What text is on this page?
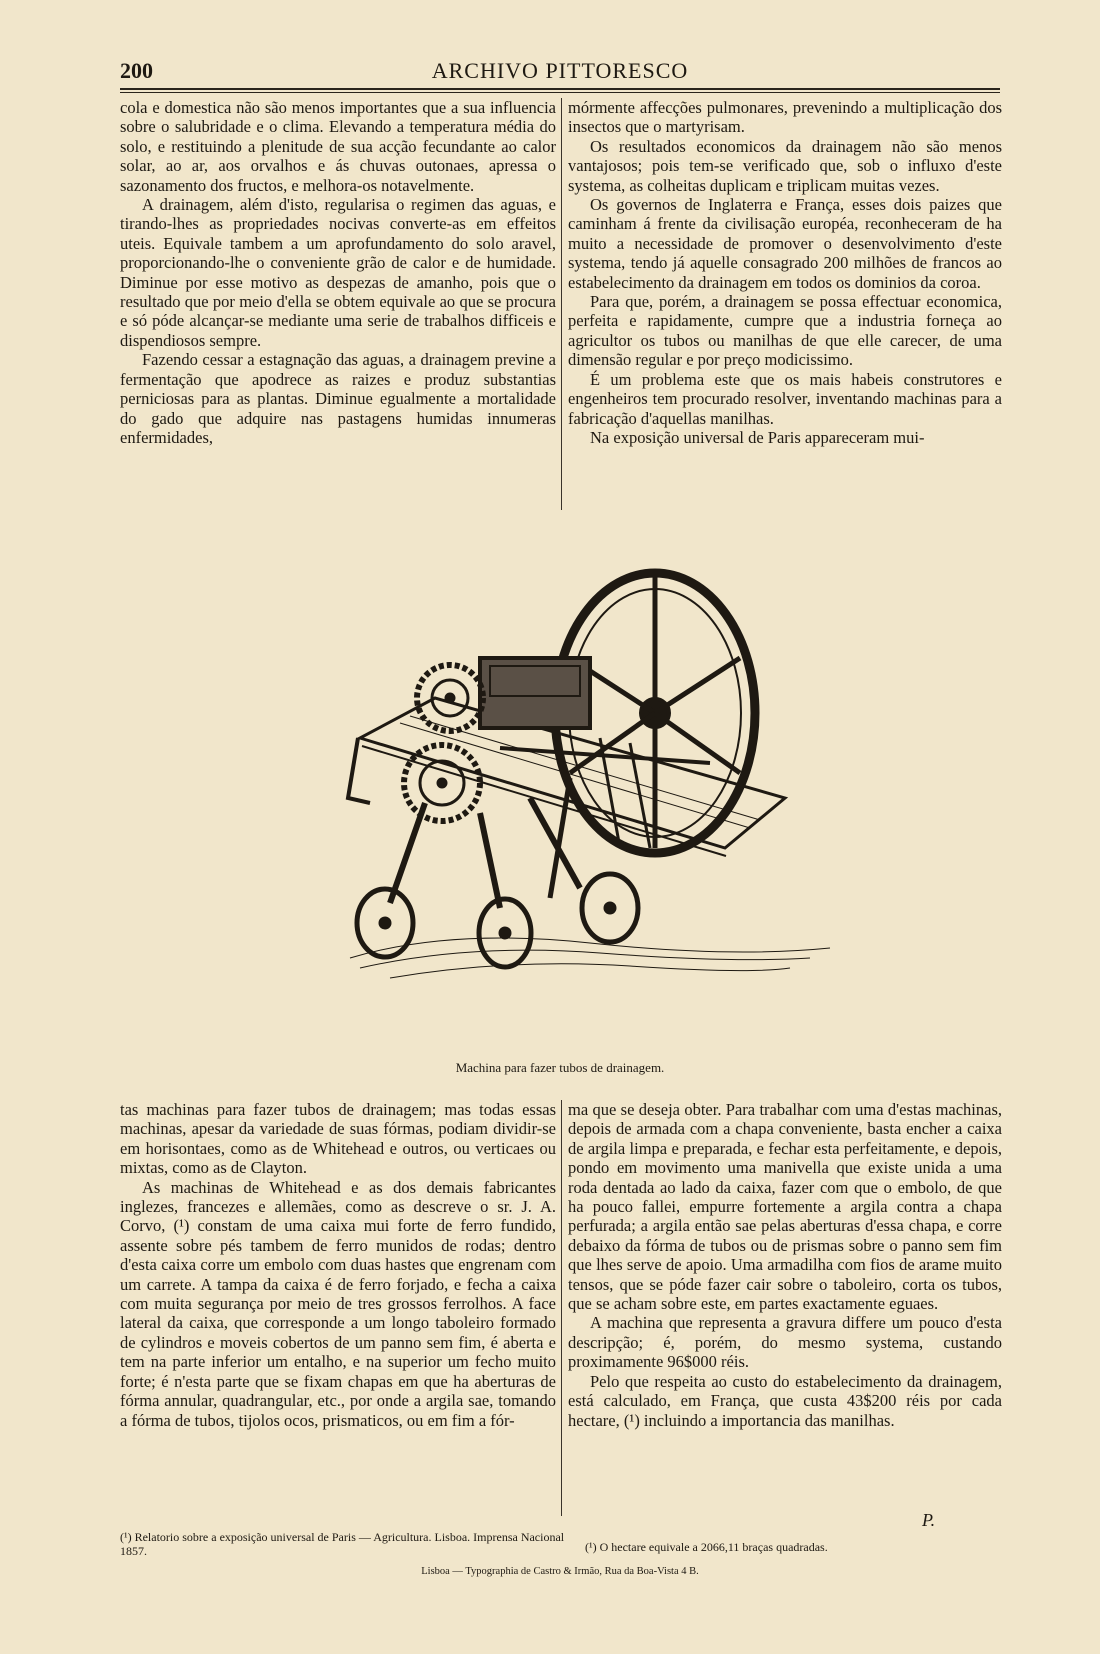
ARCHIVO PITTORESCO
200

cola e domestica não são menos importantes que a sua influencia sobre o salubridade e o clima. Elevando a temperatura média do solo, e restituindo a plenitude de sua acção fecundante ao calor solar, ao ar, aos orvalhos e ás chuvas outonaes, apressa o sazonamento dos fructos, e melhora-os notavelmente.

A drainagem, além d'isto, regularisa o regimen das aguas, e tirando-lhes as propriedades nocivas converte-as em effeitos uteis. Equivale tambem a um aprofundamento do solo aravel, proporcionando-lhe o conveniente grão de calor e de humidade. Diminue por esse motivo as despezas de amanho, pois que o resultado que por meio d'ella se obtem equivale ao que se procura e só póde alcançar-se mediante uma serie de trabalhos difficeis e dispendiosos sempre.

Fazendo cessar a estagnação das aguas, a drainagem previne a fermentação que apodrece as raizes e produz substantias perniciosas para as plantas. Diminue egualmente a mortalidade do gado que adquire nas pastagens humidas innumeras enfermidades,

mórmente affecções pulmonares, prevenindo a multiplicação dos insectos que o martyrisam.

Os resultados economicos da drainagem não são menos vantajosos; pois tem-se verificado que, sob o influxo d'este systema, as colheitas duplicam e triplicam muitas vezes.

Os governos de Inglaterra e França, esses dois paizes que caminham á frente da civilisação européa, reconheceram de ha muito a necessidade de promover o desenvolvimento d'este systema, tendo já aquelle consagrado 200 milhões de francos ao estabelecimento da drainagem em todos os dominios da coroa.

Para que, porém, a drainagem se possa effectuar economica, perfeita e rapidamente, cumpre que a industria forneça ao agricultor os tubos ou manilhas de que elle carecer, de uma dimensão regular e por preço modicissimo.

É um problema este que os mais habeis construtores e engenheiros tem procurado resolver, inventando machinas para a fabricação d'aquellas manilhas.

Na exposição universal de Paris appareceram mui-

Machina para fazer tubos de drainagem.

tas machinas para fazer tubos de drainagem; mas todas essas machinas, apesar da variedade de suas fórmas, podiam dividir-se em horisontaes, como as de Whitehead e outros, ou verticaes ou mixtas, como as de Clayton.

As machinas de Whitehead e as dos demais fabricantes inglezes, francezes e allemães, como as descreve o sr. J. A. Corvo, (¹) constam de uma caixa mui forte de ferro fundido, assente sobre pés tambem de ferro munidos de rodas; dentro d'esta caixa corre um embolo com duas hastes que engrenam com um carrete. A tampa da caixa é de ferro forjado, e fecha a caixa com muita segurança por meio de tres grossos ferrolhos. A face lateral da caixa, que corresponde a um longo taboleiro formado de cylindros e moveis cobertos de um panno sem fim, é aberta e tem na parte inferior um entalho, e na superior um fecho muito forte; é n'esta parte que se fixam chapas em que ha aberturas de fórma annular, quadrangular, etc., por onde a argila sae, tomando a fórma de tubos, tijolos ocos, prismaticos, ou em fim a fór-

ma que se deseja obter. Para trabalhar com uma d'estas machinas, depois de armada com a chapa conveniente, basta encher a caixa de argila limpa e preparada, e fechar esta perfeitamente, e depois, pondo em movimento uma manivella que existe unida a uma roda dentada ao lado da caixa, fazer com que o embolo, de que ha pouco fallei, empurre fortemente a argila contra a chapa perfurada; a argila então sae pelas aberturas d'essa chapa, e corre debaixo da fórma de tubos ou de prismas sobre o panno sem fim que lhes serve de apoio. Uma armadilha com fios de arame muito tensos, que se póde fazer cair sobre o taboleiro, corta os tubos, que se acham sobre este, em partes exactamente eguaes.

A machina que representa a gravura differe um pouco d'esta descripção; é, porém, do mesmo systema, custando proximamente 96$000 réis.

Pelo que respeita ao custo do estabelecimento da drainagem, está calculado, em França, que custa 43$200 réis por cada hectare, (¹) incluindo a importancia das manilhas.

P.
(¹) Relatorio sobre a exposição universal de Paris — Agricultura. Lisboa. Imprensa Nacional 1857.	(¹) O hectare equivale a 2066,11 braças quadradas.
Lisboa — Typographia de Castro & Irmão, Rua da Boa-Vista 4 B.
